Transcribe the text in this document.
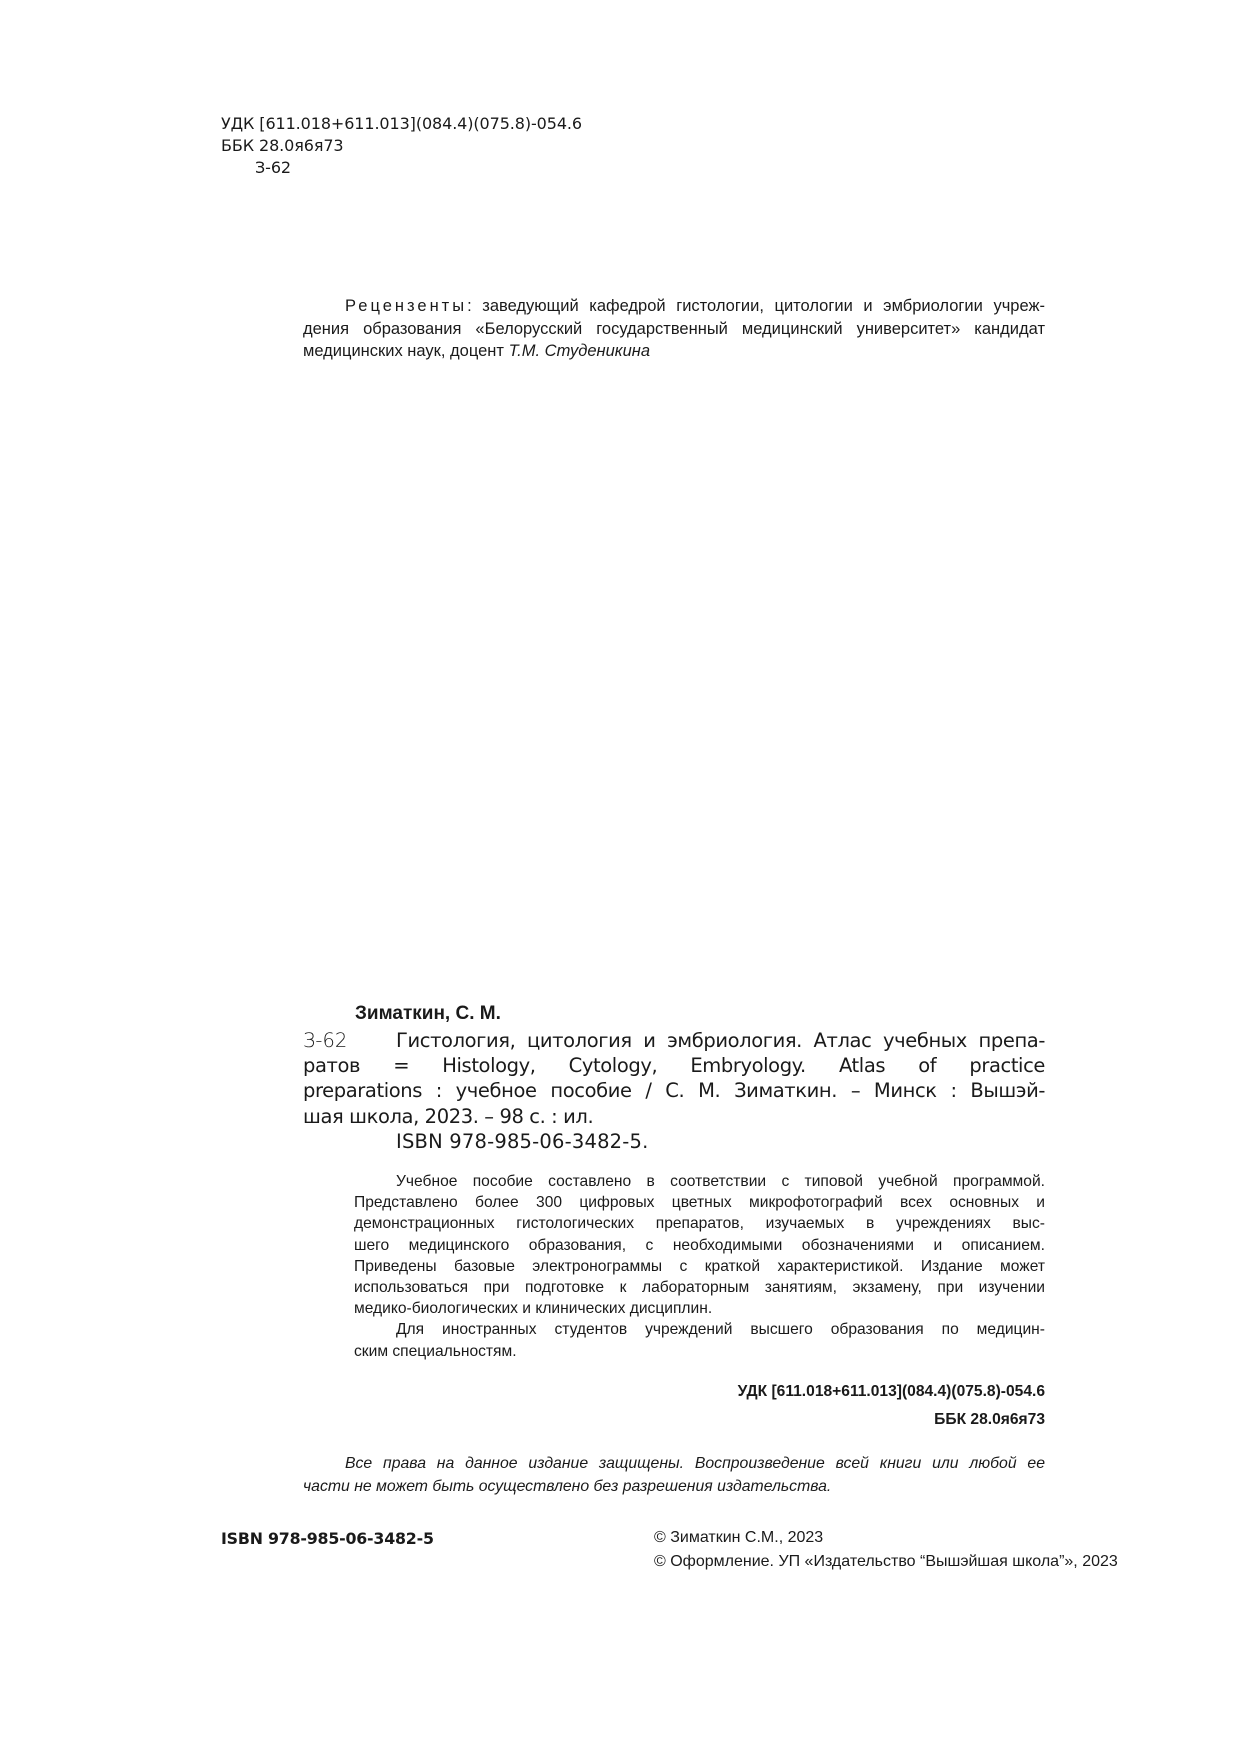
УДК [611.018+611.013](084.4)(075.8)-054.6
ББК 28.0я6я73
З-62
Рецензенты: заведующий кафедрой гистологии, цитологии и эмбриологии учреж-
дения образования «Белорусский государственный медицинский университет» кандидат
медицинских наук, доцент Т.М. Студеникина
Зиматкин, С. М.
З-62	Гистология, цитология и эмбриология. Атлас учебных препа-
ратов = Histology, Cytology, Embryology. Atlas of practice
preparations : учебное пособие / С. М. Зиматкин. – Минск : Вышэй-
шая школа, 2023. – 98 с. : ил.
ISBN 978-985-06-3482-5.
Учебное пособие составлено в соответствии с типовой учебной программой.
Представлено более 300 цифровых цветных микрофотографий всех основных и
демонстрационных гистологических препаратов, изучаемых в учреждениях выс-
шего медицинского образования, с необходимыми обозначениями и описанием.
Приведены базовые электронограммы с краткой характеристикой. Издание может
использоваться при подготовке к лабораторным занятиям, экзамену, при изучении
медико-биологических и клинических дисциплин.
Для иностранных студентов учреждений высшего образования по медицин-
ским специальностям.
УДК [611.018+611.013](084.4)(075.8)-054.6
ББК 28.0я6я73
Все права на данное издание защищены. Воспроизведение всей книги или любой ее
части не может быть осуществлено без разрешения издательства.
ISBN 978-985-06-3482-5	© Зиматкин С.М., 2023
© Оформление. УП «Издательство “Вышэйшая школа”», 2023
